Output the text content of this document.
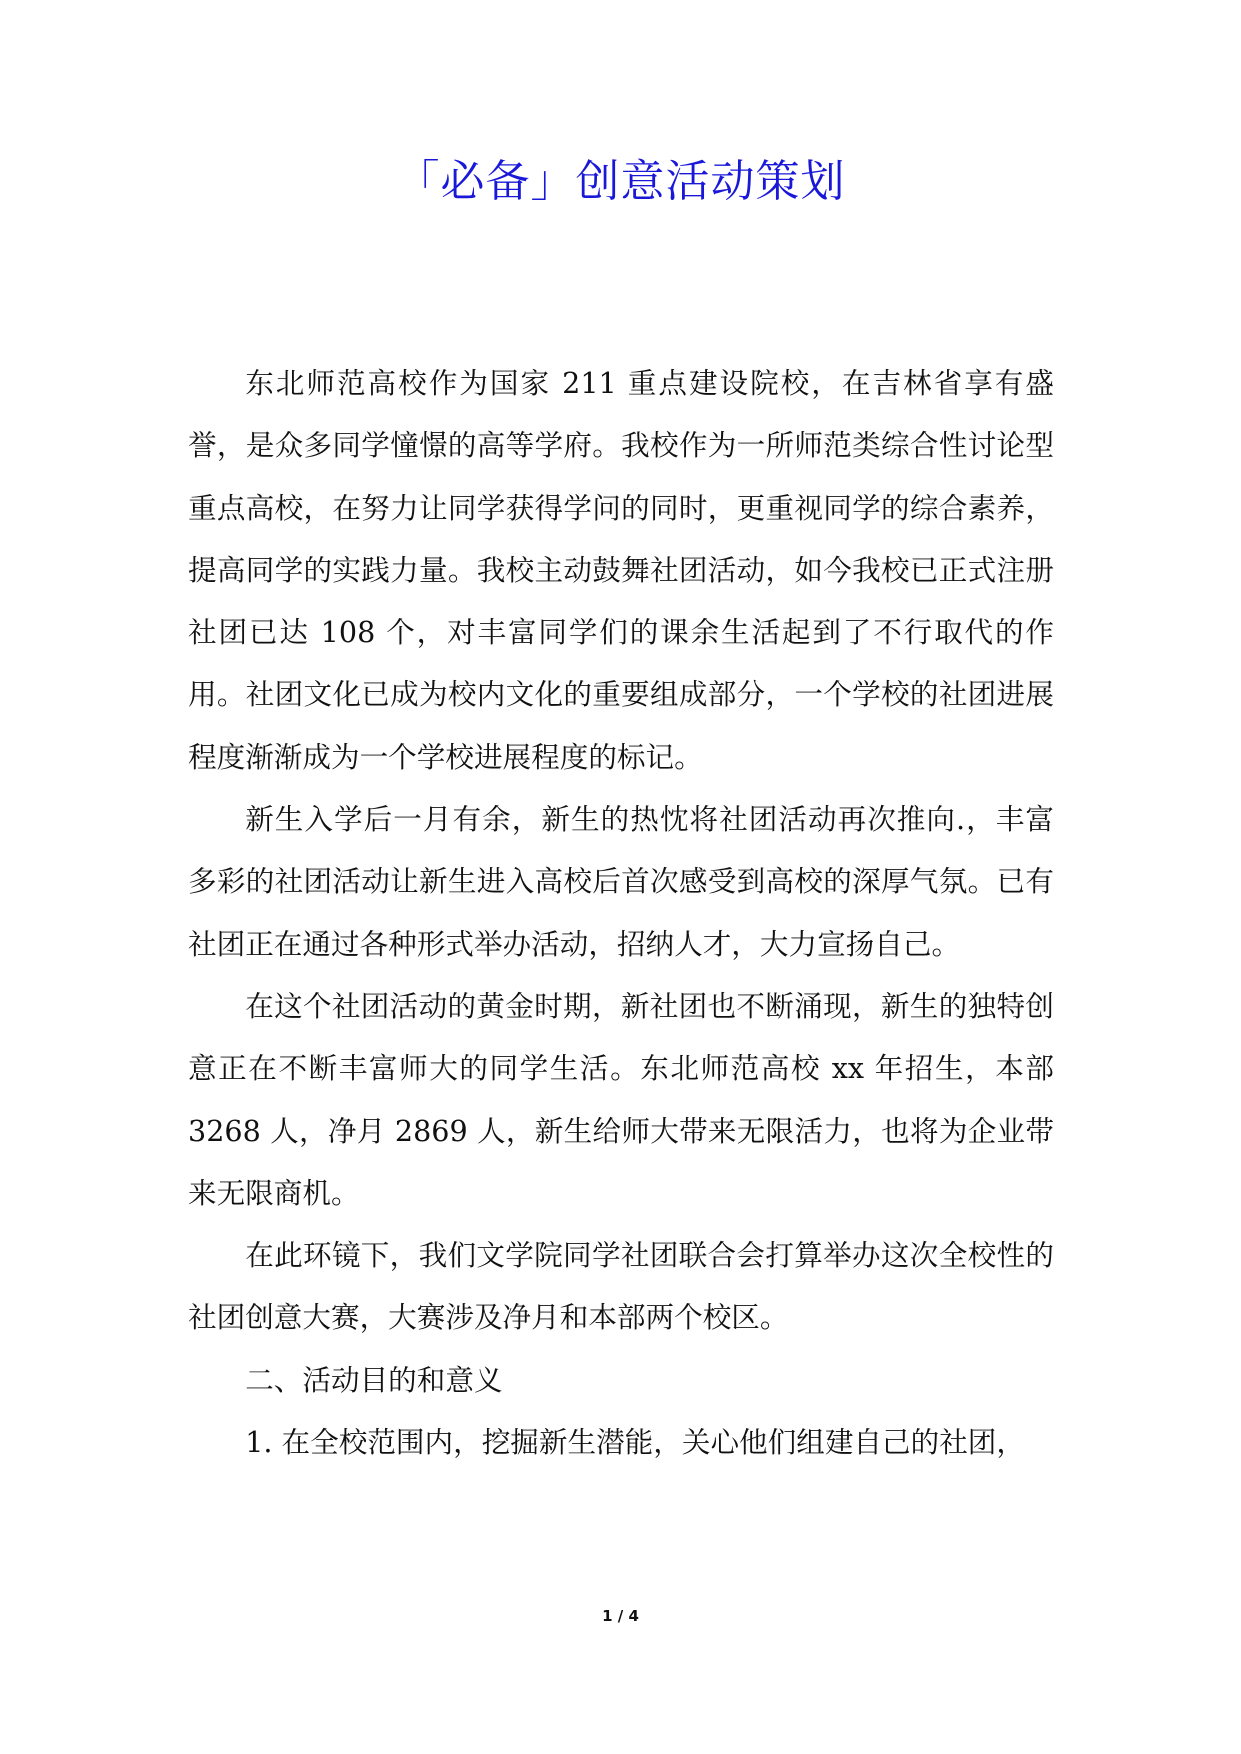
「必备」创意活动策划

东北师范高校作为国家 211 重点建设院校，在吉林省享有盛誉，是众多同学憧憬的高等学府。我校作为一所师范类综合性讨论型重点高校，在努力让同学获得学问的同时，更重视同学的综合素养，提高同学的实践力量。我校主动鼓舞社团活动，如今我校已正式注册社团已达 108 个，对丰富同学们的课余生活起到了不行取代的作用。社团文化已成为校内文化的重要组成部分，一个学校的社团进展程度渐渐成为一个学校进展程度的标记。

新生入学后一月有余，新生的热忱将社团活动再次推向.，丰富多彩的社团活动让新生进入高校后首次感受到高校的深厚气氛。已有社团正在通过各种形式举办活动，招纳人才，大力宣扬自己。

在这个社团活动的黄金时期，新社团也不断涌现，新生的独特创意正在不断丰富师大的同学生活。东北师范高校 xx 年招生，本部 3268 人，净月 2869 人，新生给师大带来无限活力，也将为企业带来无限商机。

在此环镜下，我们文学院同学社团联合会打算举办这次全校性的社团创意大赛，大赛涉及净月和本部两个校区。

二、活动目的和意义

1. 在全校范围内，挖掘新生潜能，关心他们组建自己的社团，

1 / 4
